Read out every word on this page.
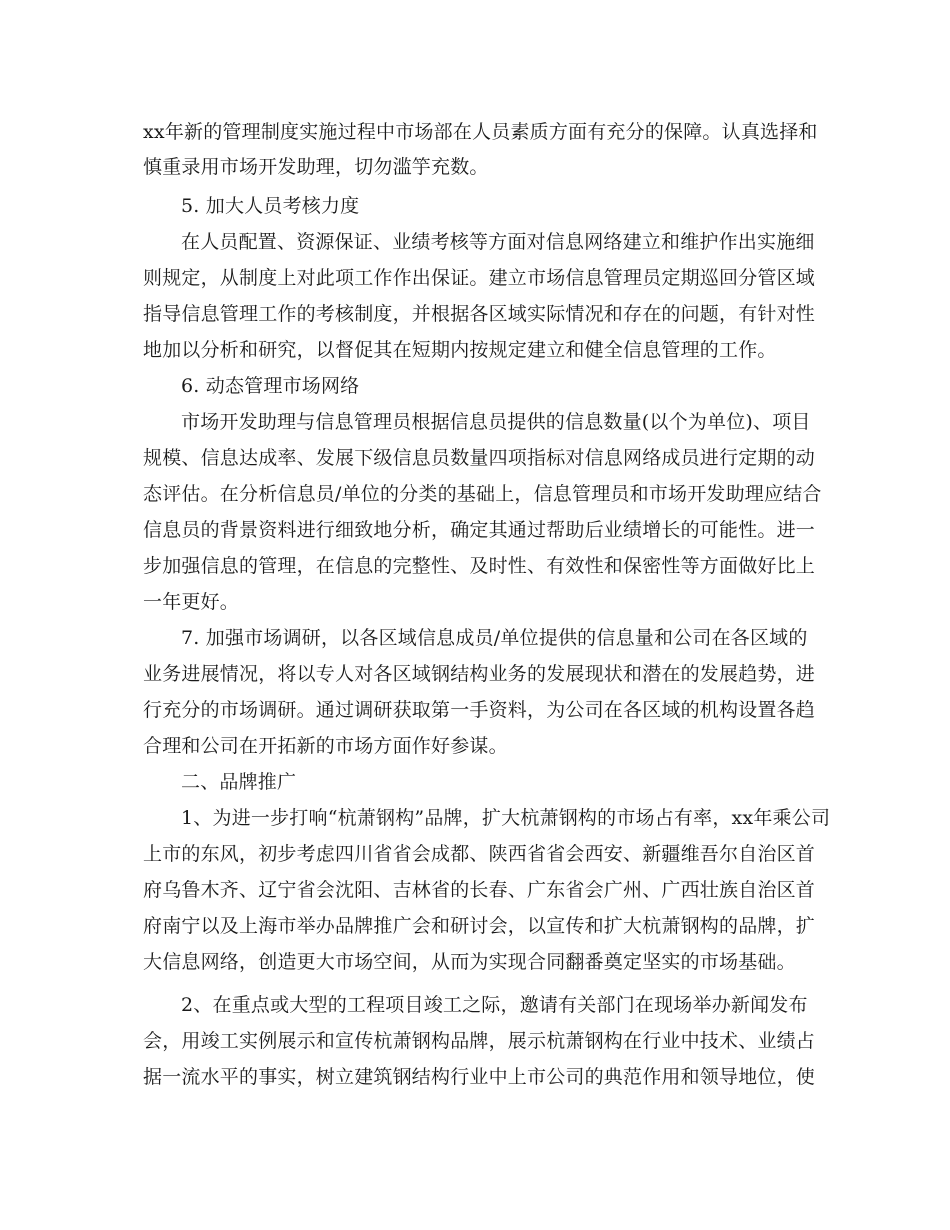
xx年新的管理制度实施过程中市场部在人员素质方面有充分的保障。认真选择和
慎重录用市场开发助理，切勿滥竽充数。
5. 加大人员考核力度
在人员配置、资源保证、业绩考核等方面对信息网络建立和维护作出实施细
则规定，从制度上对此项工作作出保证。建立市场信息管理员定期巡回分管区域
指导信息管理工作的考核制度，并根据各区域实际情况和存在的问题，有针对性
地加以分析和研究，以督促其在短期内按规定建立和健全信息管理的工作。
6. 动态管理市场网络
市场开发助理与信息管理员根据信息员提供的信息数量(以个为单位)、项目
规模、信息达成率、发展下级信息员数量四项指标对信息网络成员进行定期的动
态评估。在分析信息员/单位的分类的基础上，信息管理员和市场开发助理应结合
信息员的背景资料进行细致地分析，确定其通过帮助后业绩增长的可能性。进一
步加强信息的管理，在信息的完整性、及时性、有效性和保密性等方面做好比上
一年更好。
7. 加强市场调研，以各区域信息成员/单位提供的信息量和公司在各区域的
业务进展情况，将以专人对各区域钢结构业务的发展现状和潜在的发展趋势，进
行充分的市场调研。通过调研获取第一手资料，为公司在各区域的机构设置各趋
合理和公司在开拓新的市场方面作好参谋。
二、品牌推广
1、为进一步打响“杭萧钢构”品牌，扩大杭萧钢构的市场占有率，xx年乘公司
上市的东风，初步考虑四川省省会成都、陕西省省会西安、新疆维吾尔自治区首
府乌鲁木齐、辽宁省会沈阳、吉林省的长春、广东省会广州、广西壮族自治区首
府南宁以及上海市举办品牌推广会和研讨会，以宣传和扩大杭萧钢构的品牌，扩
大信息网络，创造更大市场空间，从而为实现合同翻番奠定坚实的市场基础。
2、在重点或大型的工程项目竣工之际，邀请有关部门在现场举办新闻发布
会，用竣工实例展示和宣传杭萧钢构品牌，展示杭萧钢构在行业中技术、业绩占
据一流水平的事实，树立建筑钢结构行业中上市公司的典范作用和领导地位，使
